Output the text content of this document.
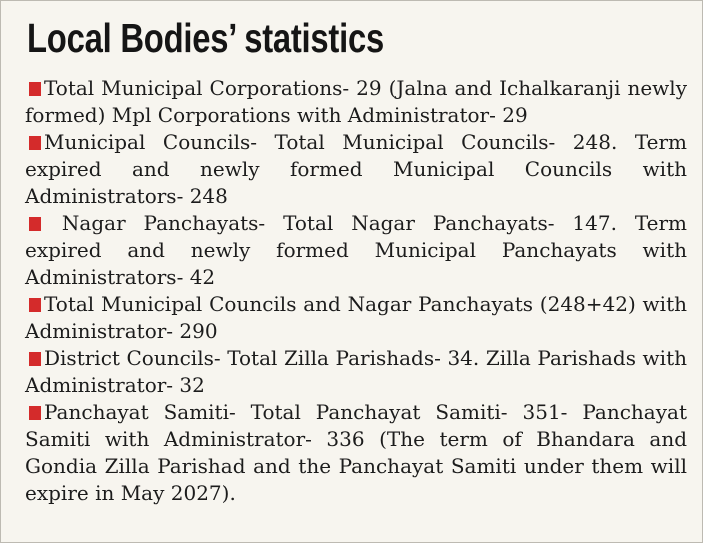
Local Bodies’ statistics

Total Municipal Corporations- 29 (Jalna and Ichalkaranji newly formed) Mpl Corporations with Administrator- 29

Municipal Councils- Total Municipal Councils- 248. Term expired and newly formed Municipal Councils with Administrators- 248

Nagar Panchayats- Total Nagar Panchayats- 147. Term expired and newly formed Municipal Panchayats with Administrators- 42

Total Municipal Councils and Nagar Panchayats (248+42) with Administrator- 290

District Councils- Total Zilla Parishads- 34. Zilla Parishads with Administrator- 32

Panchayat Samiti- Total Panchayat Samiti- 351- Panchayat Samiti with Administrator- 336 (The term of Bhandara and Gondia Zilla Parishad and the Panchayat Samiti under them will expire in May 2027).
